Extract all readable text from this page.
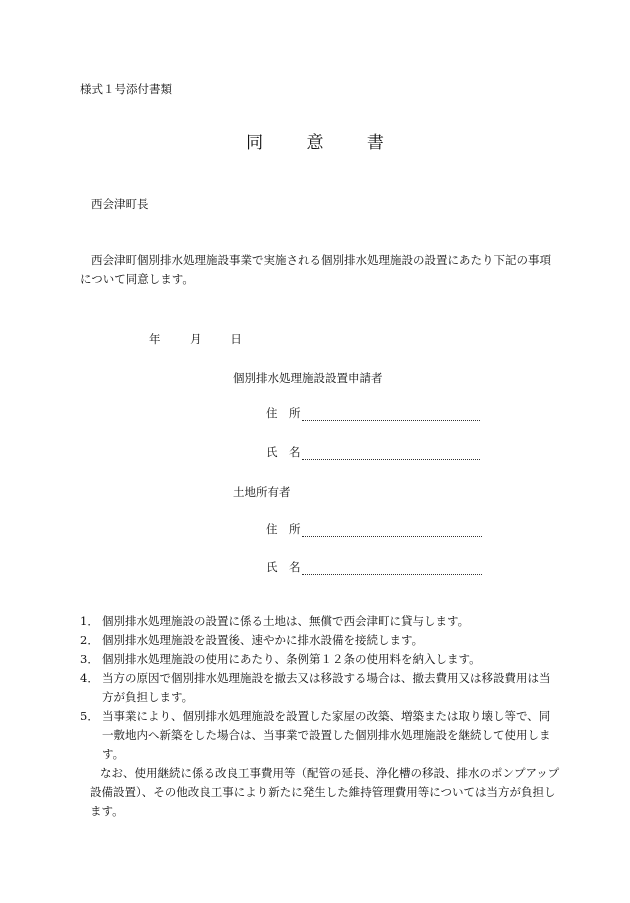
様式１号添付書類
同	意	書
西会津町長
西会津町個別排水処理施設事業で実施される個別排水処理施設の設置にあたり下記の事項について同意します。
年	月 日
個別排水処理施設設置申請者
住　所
氏　名
土地所有者
住　所
氏　名
1． 個別排水処理施設の設置に係る土地は、無償で西会津町に貸与します。
2． 個別排水処理施設を設置後、速やかに排水設備を接続します。
3． 個別排水処理施設の使用にあたり、条例第１２条の使用料を納入します。
4． 当方の原因で個別排水処理施設を撤去又は移設する場合は、撤去費用又は移設費用は当方が負担します。
5． 当事業により、個別排水処理施設を設置した家屋の改築、増築または取り壊し等で、同一敷地内へ新築をした場合は、当事業で設置した個別排水処理施設を継続して使用します。
なお、使用継続に係る改良工事費用等（配管の延長、浄化槽の移設、排水のポンプアップ設備設置）、その他改良工事により新たに発生した維持管理費用等については当方が負担します。
